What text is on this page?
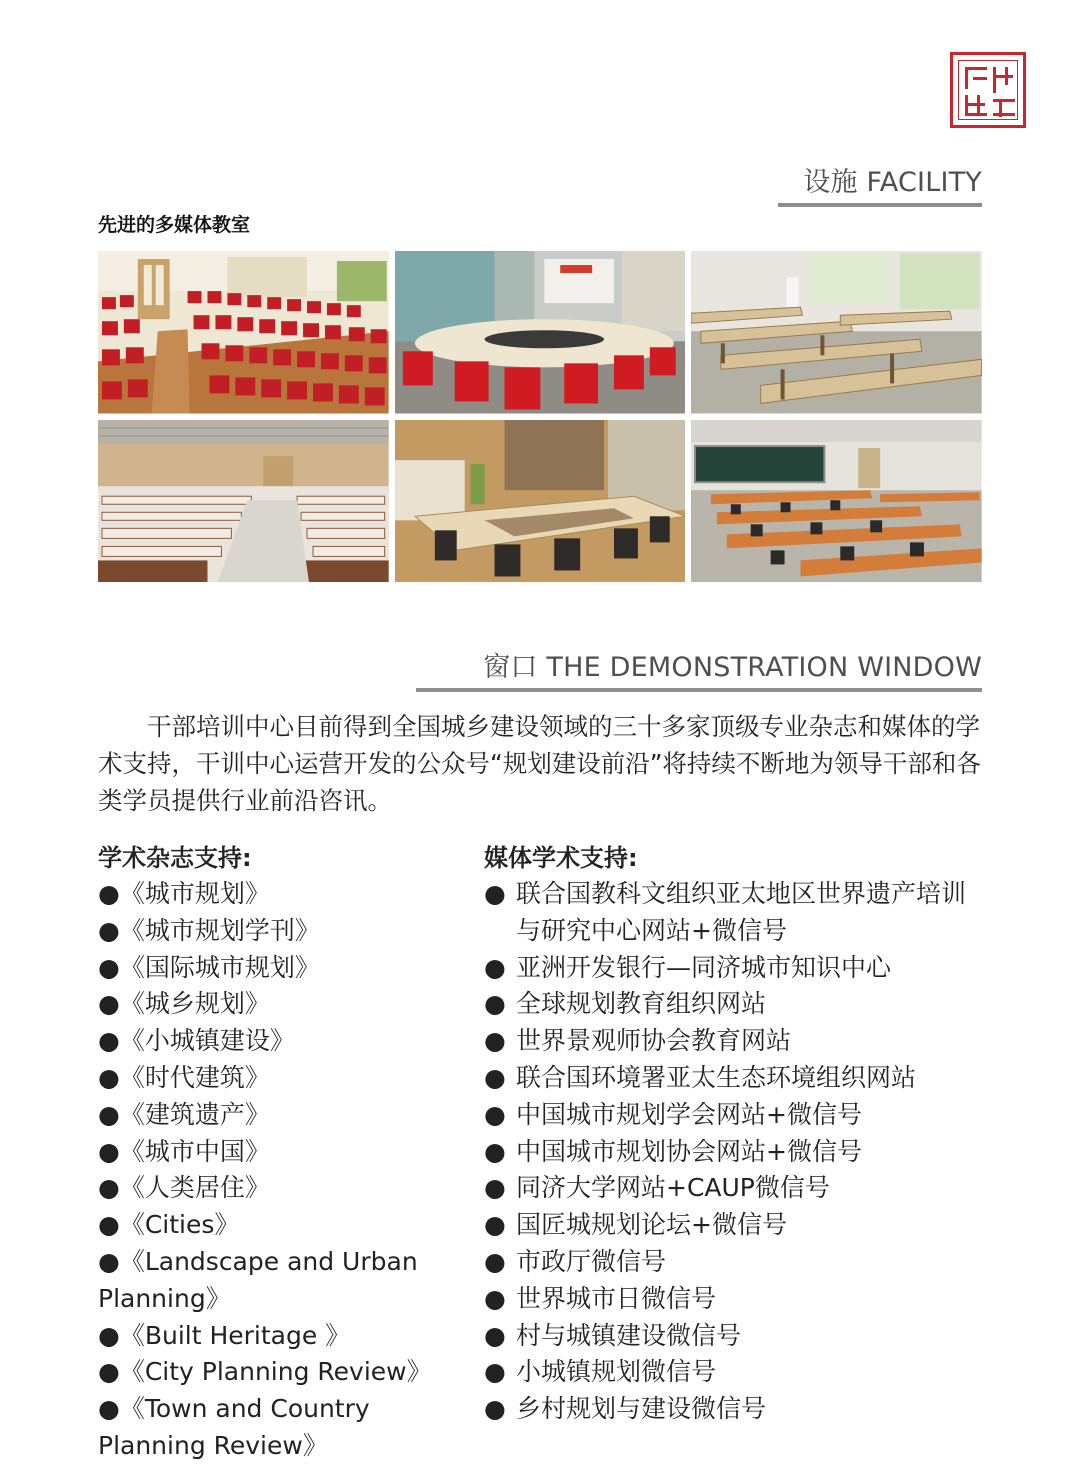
设施 FACILITY
先进的多媒体教室
窗口 THE DEMONSTRATION WINDOW
　　干部培训中心目前得到全国城乡建设领域的三十多家顶级专业杂志和媒体的学术支持，干训中心运营开发的公众号“规划建设前沿”将持续不断地为领导干部和各类学员提供行业前沿咨讯。
学术杂志支持:
●《城市规划》
●《城市规划学刊》
●《国际城市规划》
●《城乡规划》
●《小城镇建设》
●《时代建筑》
●《建筑遗产》
●《城市中国》
●《人类居住》
●《Cities》
●《Landscape and Urban Planning》
●《Built Heritage 》
●《City Planning Review》
●《Town and Country Planning Review》
媒体学术支持:
● 联合国教科文组织亚太地区世界遗产培训与研究中心网站+微信号
● 亚洲开发银行—同济城市知识中心
● 全球规划教育组织网站
● 世界景观师协会教育网站
● 联合国环境署亚太生态环境组织网站
● 中国城市规划学会网站+微信号
● 中国城市规划协会网站+微信号
● 同济大学网站+CAUP微信号
● 国匠城规划论坛+微信号
● 市政厅微信号
● 世界城市日微信号
● 村与城镇建设微信号
● 小城镇规划微信号
● 乡村规划与建设微信号
